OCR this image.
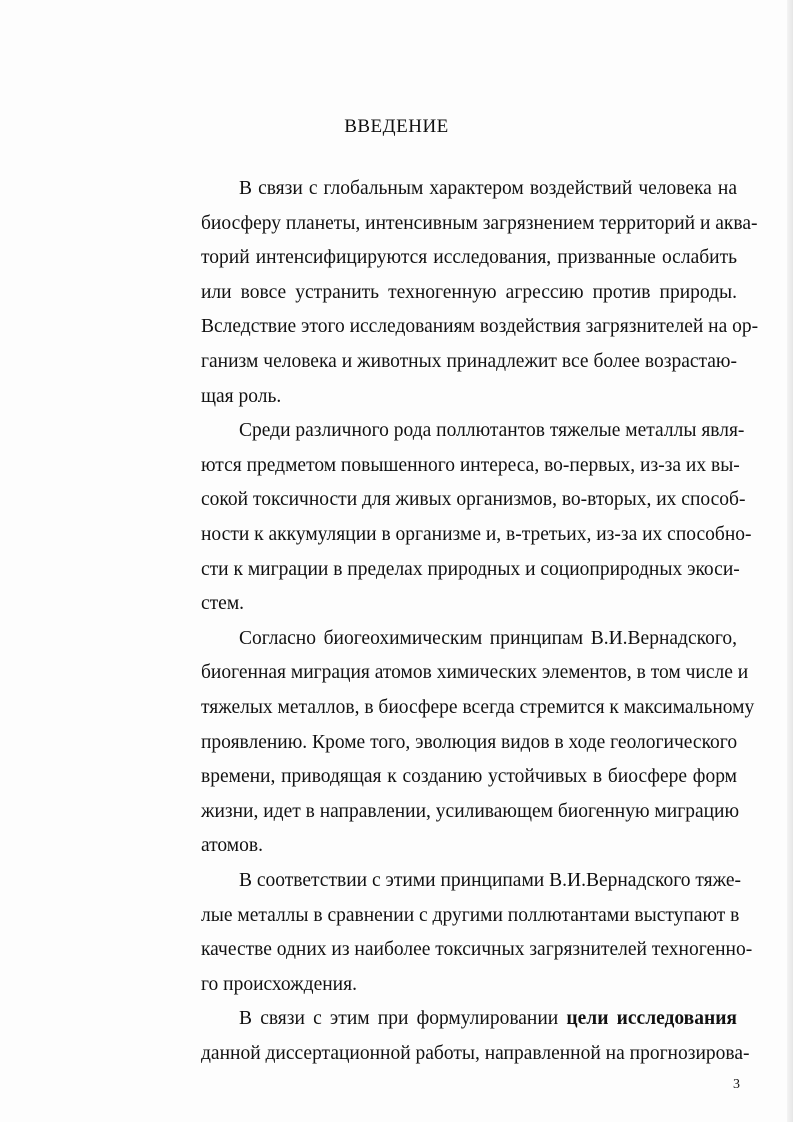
ВВЕДЕНИЕ
В связи с глобальным характером воздействий человека на
биосферу планеты, интенсивным загрязнением территорий и аква-
торий интенсифицируются исследования, призванные ослабить
или вовсе устранить техногенную агрессию против природы.
Вследствие этого исследованиям воздействия загрязнителей на ор-
ганизм человека и животных принадлежит все более возрастаю-
щая роль.
Среди различного рода поллютантов тяжелые металлы явля-
ются предметом повышенного интереса, во-первых, из-за их вы-
сокой токсичности для живых организмов, во-вторых, их способ-
ности к аккумуляции в организме и, в-третьих, из-за их способно-
сти к миграции в пределах природных и социоприродных экоси-
стем.
Согласно биогеохимическим принципам В.И.Вернадского,
биогенная миграция атомов химических элементов, в том числе и
тяжелых металлов, в биосфере всегда стремится к максимальному
проявлению. Кроме того, эволюция видов в ходе геологического
времени, приводящая к созданию устойчивых в биосфере форм
жизни, идет в направлении, усиливающем биогенную миграцию
атомов.
В соответствии с этими принципами В.И.Вернадского тяже-
лые металлы в сравнении с другими поллютантами выступают в
качестве одних из наиболее токсичных загрязнителей техногенно-
го происхождения.
В связи с этим при формулировании цели исследования
3
данной диссертационной работы, направленной на прогнозирова-
